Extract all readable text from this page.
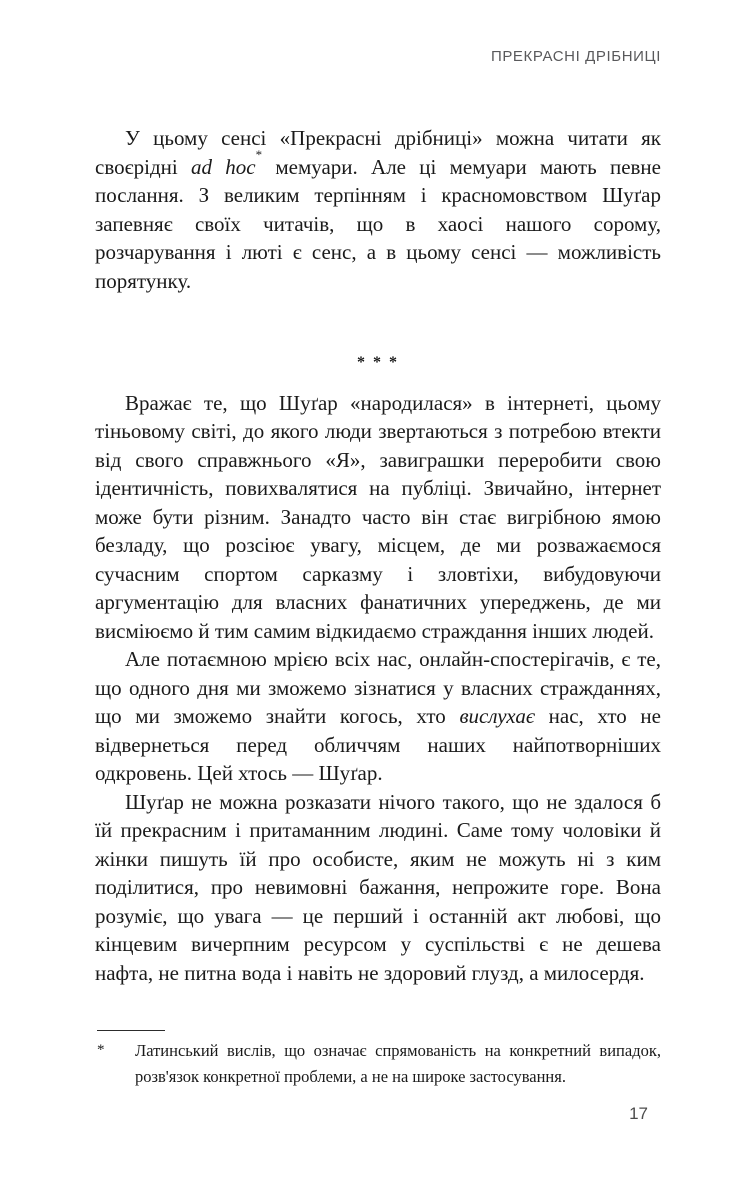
ПРЕКРАСНІ ДРІБНИЦІ

У цьому сенсі «Прекрасні дрібниці» можна читати як своєрідні ad hoc* мемуари. Але ці мемуари мають певне послання. З великим терпінням і красномовством Шуґар запевняє своїх читачів, що в хаосі нашого сорому, розчарування і люті є сенс, а в цьому сенсі — можливість порятунку.

* * *

Вражає те, що Шуґар «народилася» в інтернеті, цьому тіньовому світі, до якого люди звертаються з потребою втекти від свого справжнього «Я», завиграшки переробити свою ідентичність, повихвалятися на публіці. Звичайно, інтернет може бути різним. Занадто часто він стає вигрібною ямою безладу, що розсіює увагу, місцем, де ми розважаємося сучасним спортом сарказму і зловтіхи, вибудовуючи аргументацію для власних фанатичних упереджень, де ми висміюємо й тим самим відкидаємо страждання інших людей.

Але потаємною мрією всіх нас, онлайн-спостерігачів, є те, що одного дня ми зможемо зізнатися у власних стражданнях, що ми зможемо знайти когось, хто вислухає нас, хто не відвернеться перед обличчям наших найпотворніших одкровень. Цей хтось — Шуґар.

Шуґар не можна розказати нічого такого, що не здалося б їй прекрасним і притаманним людині. Саме тому чоловіки й жінки пишуть їй про особисте, яким не можуть ні з ким поділитися, про невимовні бажання, непрожите горе. Вона розуміє, що увага — це перший і останній акт любові, що кінцевим вичерпним ресурсом у суспільстві є не дешева нафта, не питна вода і навіть не здоровий глузд, а милосердя.

*	Латинський вислів, що означає спрямованість на конкретний випадок, розв'язок конкретної проблеми, а не на широке застосування.
17
